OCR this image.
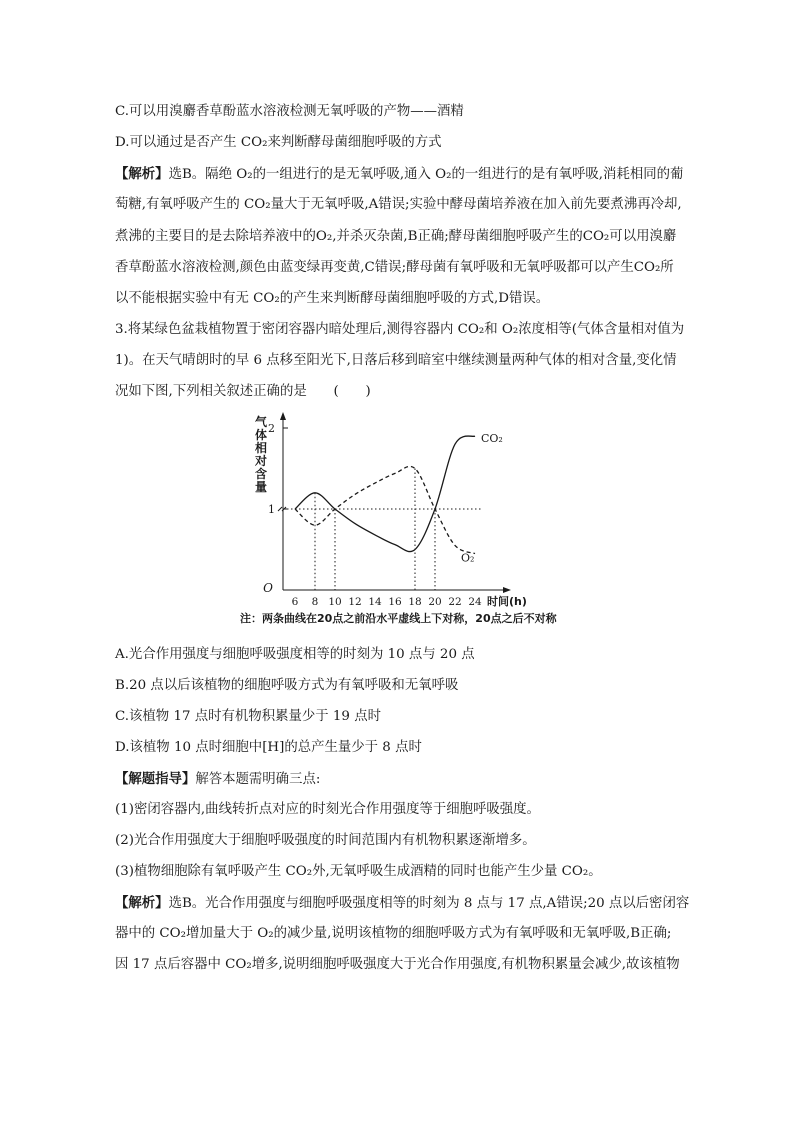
C.可以用溴麝香草酚蓝水溶液检测无氧呼吸的产物——酒精
D.可以通过是否产生 CO₂来判断酵母菌细胞呼吸的方式
【解析】选B。隔绝 O₂的一组进行的是无氧呼吸,通入 O₂的一组进行的是有氧呼吸,消耗相同的葡
萄糖,有氧呼吸产生的 CO₂量大于无氧呼吸,A错误;实验中酵母菌培养液在加入前先要煮沸再冷却,
煮沸的主要目的是去除培养液中的O₂,并杀灭杂菌,B正确;酵母菌细胞呼吸产生的CO₂可以用溴麝
香草酚蓝水溶液检测,颜色由蓝变绿再变黄,C错误;酵母菌有氧呼吸和无氧呼吸都可以产生CO₂所
以不能根据实验中有无 CO₂的产生来判断酵母菌细胞呼吸的方式,D错误。
3.将某绿色盆栽植物置于密闭容器内暗处理后,测得容器内 CO₂和 O₂浓度相等(气体含量相对值为
1)。在天气晴朗时的早 6 点移至阳光下,日落后移到暗室中继续测量两种气体的相对含量,变化情
况如下图,下列相关叙述正确的是　　(　　)
气体相对含量
1
2
O
6 8 10 12 14 16 18 20 22 24 时间(h)
CO₂
O₂
注：两条曲线在20点之前沿水平虚线上下对称，20点之后不对称
A.光合作用强度与细胞呼吸强度相等的时刻为 10 点与 20 点
B.20 点以后该植物的细胞呼吸方式为有氧呼吸和无氧呼吸
C.该植物 17 点时有机物积累量少于 19 点时
D.该植物 10 点时细胞中[H]的总产生量少于 8 点时
【解题指导】解答本题需明确三点:
(1)密闭容器内,曲线转折点对应的时刻光合作用强度等于细胞呼吸强度。
(2)光合作用强度大于细胞呼吸强度的时间范围内有机物积累逐渐增多。
(3)植物细胞除有氧呼吸产生 CO₂外,无氧呼吸生成酒精的同时也能产生少量 CO₂。
【解析】选B。光合作用强度与细胞呼吸强度相等的时刻为 8 点与 17 点,A错误;20 点以后密闭容
器中的 CO₂增加量大于 O₂的减少量,说明该植物的细胞呼吸方式为有氧呼吸和无氧呼吸,B正确;
因 17 点后容器中 CO₂增多,说明细胞呼吸强度大于光合作用强度,有机物积累量会减少,故该植物
